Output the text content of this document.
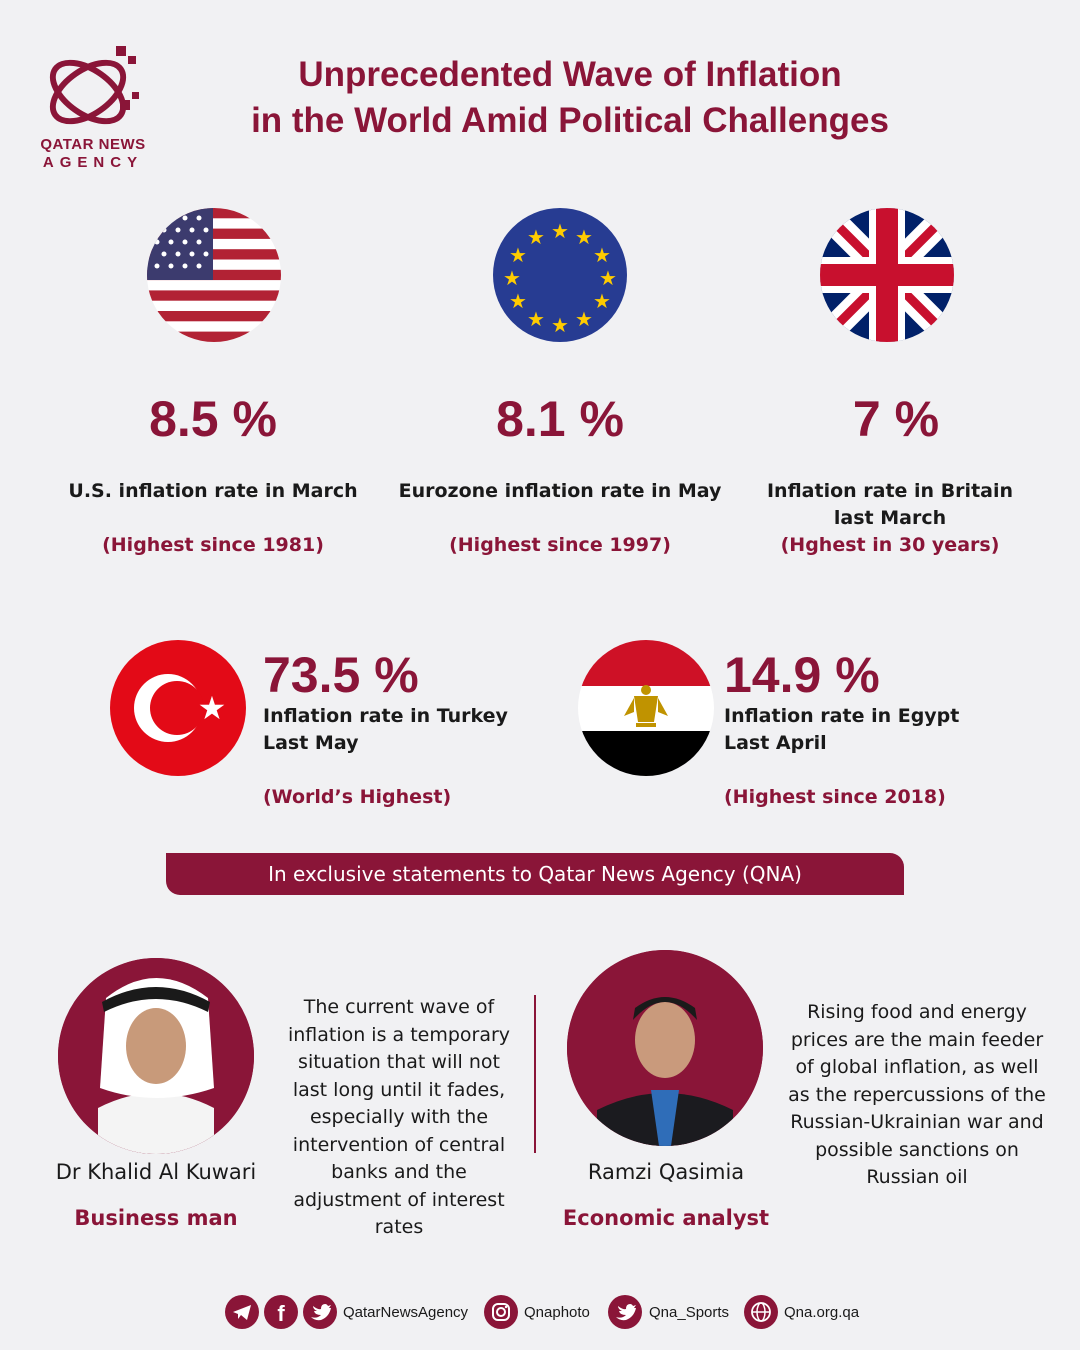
QATAR NEWS
AGENCY
Unprecedented Wave of Inflation
in the World Amid Political Challenges
★ ★
★
★
★
★
★
★
★
★
★
★
8.5 %
U.S. inflation rate in March
(Highest since 1981)
8.1 %
Eurozone inflation rate in May
(Highest since 1997)
7 %
Inflation rate in Britain last March
(Hghest in 30 years)
★
73.5 %
Inflation rate in Turkey
Last May
(World’s Highest)
14.9 %
Inflation rate in Egypt
Last April
(Highest since 2018)
In exclusive statements to Qatar News Agency (QNA)
Dr Khalid Al Kuwari
Business man
The current wave of
inflation is a temporary
situation that will not
last long until it fades,
especially with the
intervention of central
banks and the
adjustment of interest
rates
Ramzi Qasimia
Economic analyst
Rising food and energy
prices are the main feeder
of global inflation, as well
as the repercussions of the
Russian-Ukrainian war and
possible sanctions on
Russian oil
f	QatarNewsAgency	Qnaphoto	Qna_Sports	Qna.org.qa
